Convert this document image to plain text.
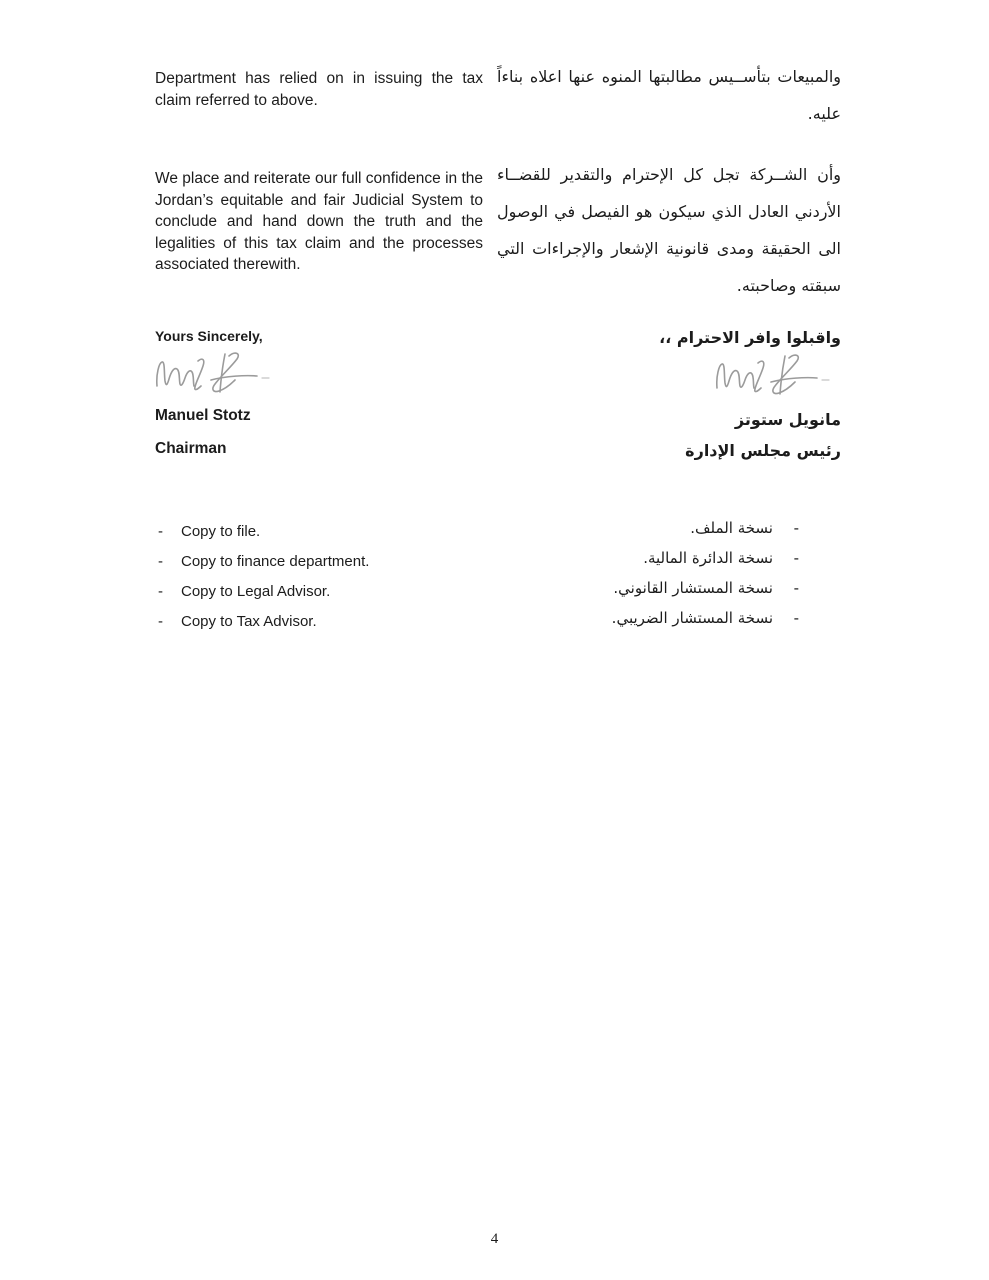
Department has relied on in issuing the tax claim referred to above.
والمبيعات بتأســيس مطالبتها المنوه عنها اعلاه بناءاً عليه.
We place and reiterate our full confidence in the Jordan’s equitable and fair Judicial System to conclude and hand down the truth and the legalities of this tax claim and the processes associated therewith.
وأن الشــركة تجل كل الإحترام والتقدير للقضــاء الأردني العادل الذي سيكون هو الفيصل في الوصول الى الحقيقة ومدى قانونية الإشعار والإجراءات التي سبقته وصاحبته.
Yours Sincerely,
Manuel Stotz
Chairman
واقبلوا وافر الاحترام ،،
مانويل ستوتز
رئيس مجلس الإدارة
-	Copy to file.
-	Copy to finance department.
-	Copy to Legal Advisor.
-	Copy to Tax Advisor.
-
نسخة الملف.
-
نسخة الدائرة المالية.
-
نسخة المستشار القانوني.
-
نسخة المستشار الضريبي.
4
